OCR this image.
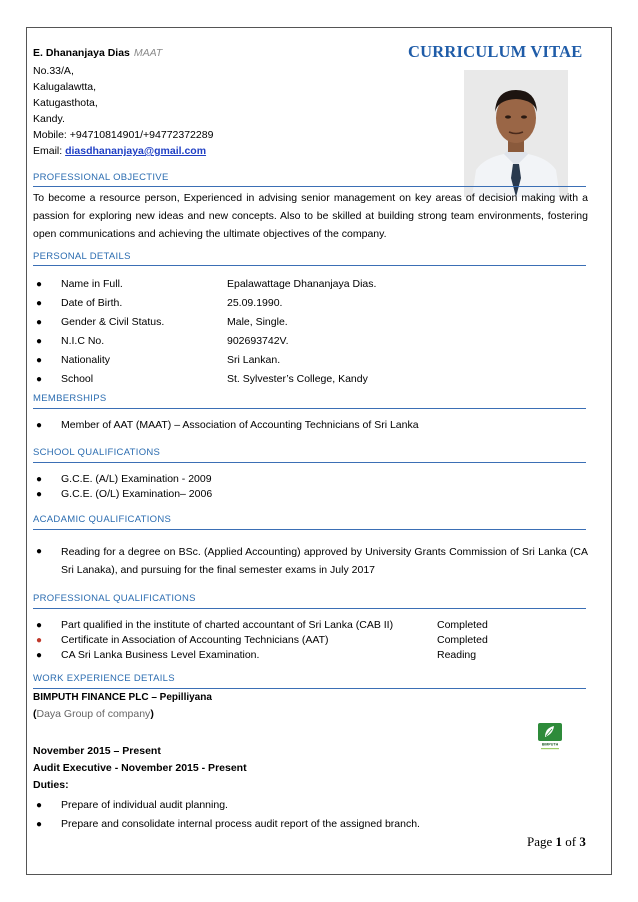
E. Dhananjaya Dias MAAT	CURRICULUM VITAE
No.33/A,
Kalugalawtta,
Katugasthota,
Kandy.
Mobile: +94710814901/+94772372289
Email: diasdhananjaya@gmail.com
PROFESSIONAL OBJECTIVE
To become a resource person, Experienced in advising senior management on key areas of decision making with a passion for exploring new ideas and new concepts. Also to be skilled at building strong team environments, fostering open communications and achieving the ultimate objectives of the company.
PERSONAL DETAILS
● Name in Full.	Epalawattage Dhananjaya Dias.
● Date of Birth.	25.09.1990.
● Gender & Civil Status.	Male, Single.
● N.I.C No.	902693742V.
● Nationality	Sri Lankan.
● School	St. Sylvester’s College, Kandy
MEMBERSHIPS
● Member of AAT (MAAT) – Association of Accounting Technicians of Sri Lanka
SCHOOL QUALIFICATIONS
● G.C.E. (A/L) Examination - 2009
● G.C.E. (O/L) Examination– 2006
ACADAMIC QUALIFICATIONS
● Reading for a degree on BSc. (Applied Accounting) approved by University Grants Commission of Sri Lanka (CA Sri Lanaka), and pursuing for the final semester exams in July 2017
PROFESSIONAL QUALIFICATIONS
● Part qualified in the institute of charted accountant of Sri Lanka (CAB II)	Completed
● Certificate in Association of Accounting Technicians (AAT)	Completed
● CA Sri Lanka Business Level Examination.	Reading
WORK EXPERIENCE DETAILS
BIMPUTH FINANCE PLC – Pepilliyana
(Daya Group of company)
BIMPUTH
November 2015 – Present
Audit Executive - November 2015 - Present
Duties:
● Prepare of individual audit planning.
● Prepare and consolidate internal process audit report of the assigned branch.
Page 1 of 3
